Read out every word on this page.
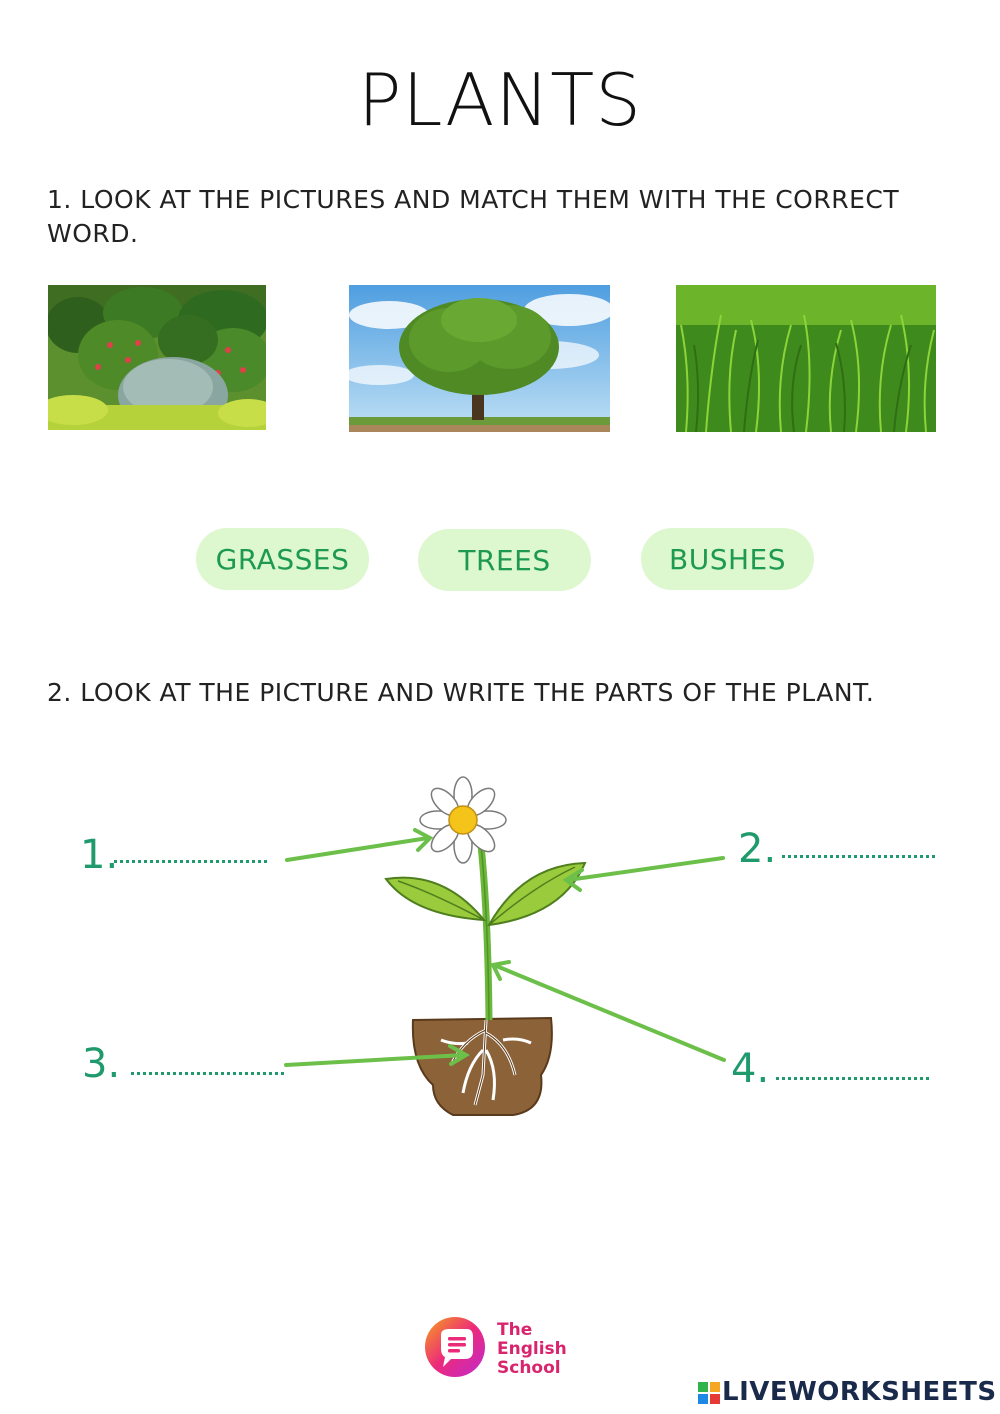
PLANTS
1. LOOK AT THE PICTURES AND MATCH THEM WITH THE CORRECT
WORD.
GRASSES	TREES	BUSHES
2. LOOK AT THE PICTURE AND WRITE THE PARTS OF THE PLANT.
1.	2.
3.	4.
The
English
School
LIVEWORKSHEETS
